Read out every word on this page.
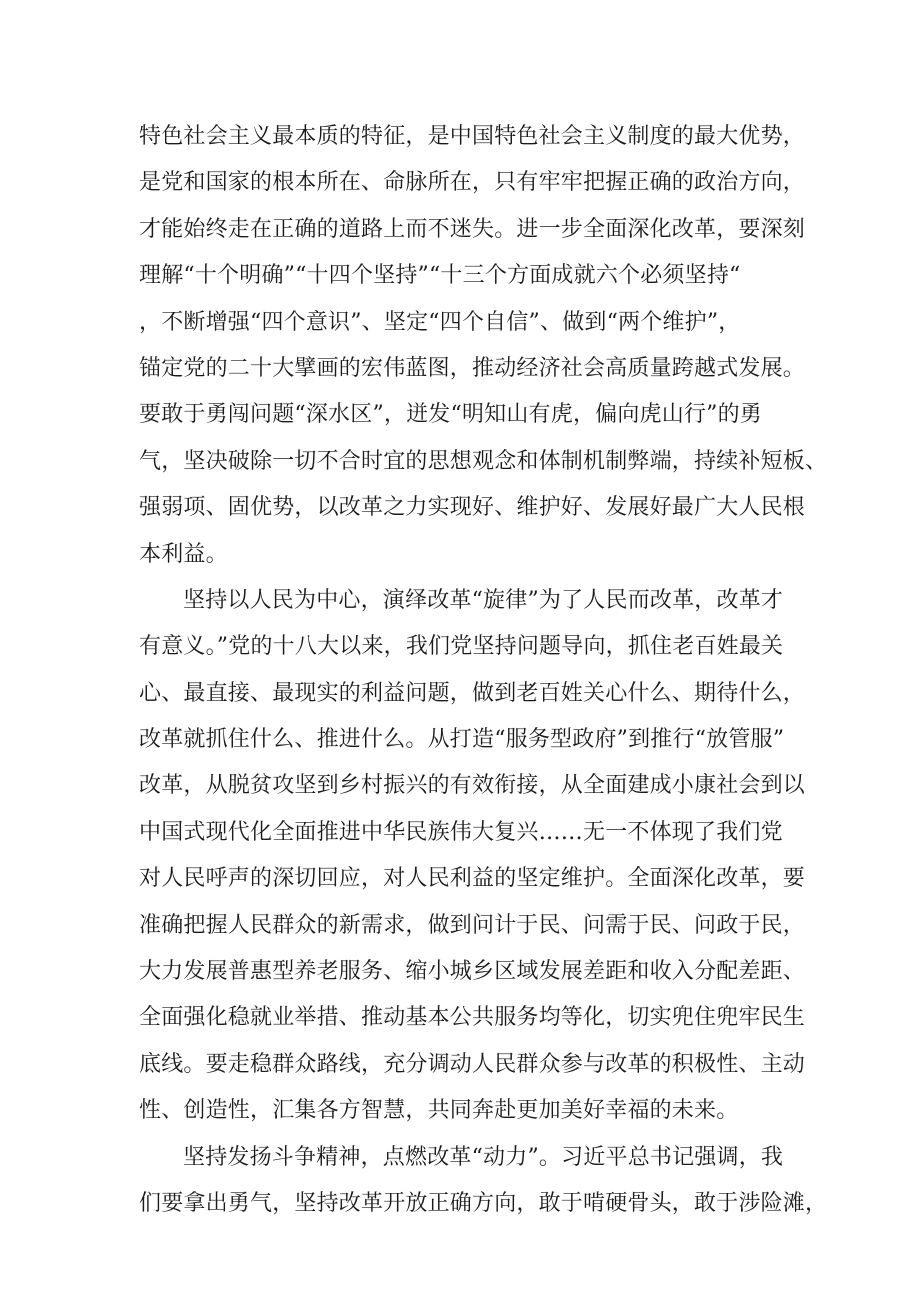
特色社会主义最本质的特征，是中国特色社会主义制度的最大优势，
是党和国家的根本所在、命脉所在，只有牢牢把握正确的政治方向，
才能始终走在正确的道路上而不迷失。进一步全面深化改革，要深刻
理解“十个明确”“十四个坚持”“十三个方面成就六个必须坚持“
，不断增强“四个意识”、坚定“四个自信”、做到“两个维护”，
锚定党的二十大擘画的宏伟蓝图，推动经济社会高质量跨越式发展。
要敢于勇闯问题“深水区”，迸发“明知山有虎，偏向虎山行”的勇
气，坚决破除一切不合时宜的思想观念和体制机制弊端，持续补短板、
强弱项、固优势，以改革之力实现好、维护好、发展好最广大人民根
本利益。
坚持以人民为中心，演绎改革“旋律”为了人民而改革，改革才
有意义。”党的十八大以来，我们党坚持问题导向，抓住老百姓最关
心、最直接、最现实的利益问题，做到老百姓关心什么、期待什么，
改革就抓住什么、推进什么。从打造“服务型政府”到推行“放管服”
改革，从脱贫攻坚到乡村振兴的有效衔接，从全面建成小康社会到以
中国式现代化全面推进中华民族伟大复兴……无一不体现了我们党
对人民呼声的深切回应，对人民利益的坚定维护。全面深化改革，要
准确把握人民群众的新需求，做到问计于民、问需于民、问政于民，
大力发展普惠型养老服务、缩小城乡区域发展差距和收入分配差距、
全面强化稳就业举措、推动基本公共服务均等化，切实兜住兜牢民生
底线。要走稳群众路线，充分调动人民群众参与改革的积极性、主动
性、创造性，汇集各方智慧，共同奔赴更加美好幸福的未来。
坚持发扬斗争精神，点燃改革“动力”。习近平总书记强调，我
们要拿出勇气，坚持改革开放正确方向，敢于啃硬骨头，敢于涉险滩，
